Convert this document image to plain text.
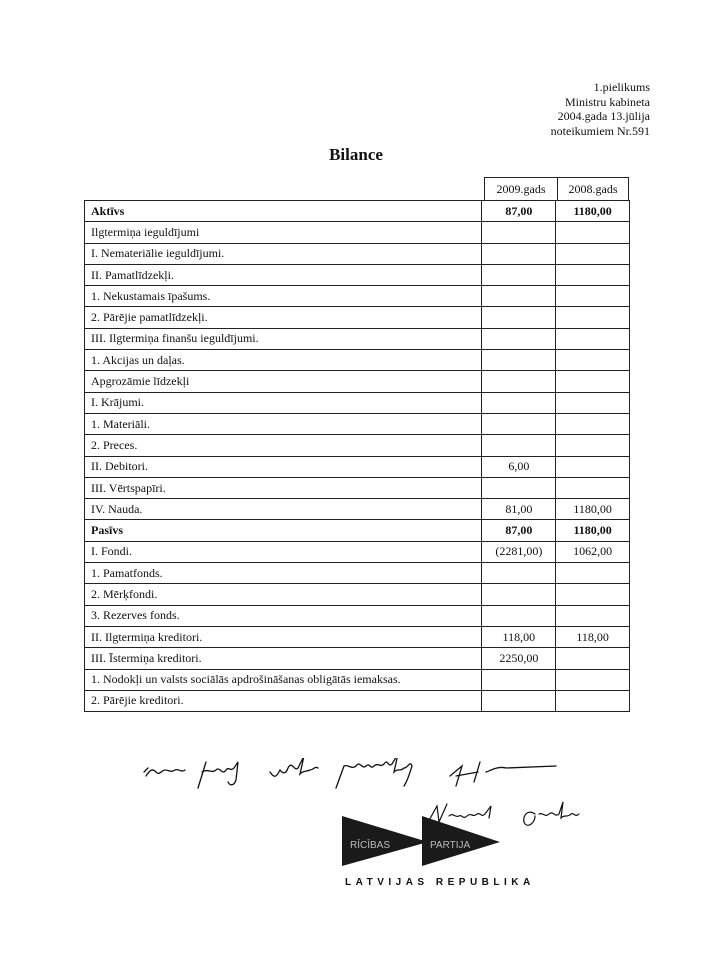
1.pielikums
Ministru kabineta
2004.gada 13.jūlija
noteikumiem Nr.591
Bilance
2009.gads	2008.gads
Aktīvs	87,00	1180,00
Ilgtermiņa ieguldījumi		
I. Nemateriālie ieguldījumi.		
II. Pamatlīdzekļi.		
1. Nekustamais īpašums.		
2. Pārējie pamatlīdzekļi.		
III. Ilgtermiņa finanšu ieguldījumi.		
1. Akcijas un daļas.		
Apgrozāmie līdzekļi		
I. Krājumi.		
1. Materiāli.		
2. Preces.		
II. Debitori.	6,00	
III. Vērtspapīri.		
IV. Nauda.	81,00	1180,00
Pasīvs	87,00	1180,00
I. Fondi.	(2281,00)	1062,00
1. Pamatfonds.		
2. Mērķfondi.		
3. Rezerves fonds.		
II. Ilgtermiņa kreditori.	118,00	118,00
III. Īstermiņa kreditori.	2250,00	
1. Nodokļi un valsts sociālās apdrošināšanas obligātās iemaksas.		
2. Pārējie kreditori.		
RĪCĪBAS	PARTIJA
LATVIJAS REPUBLIKA
